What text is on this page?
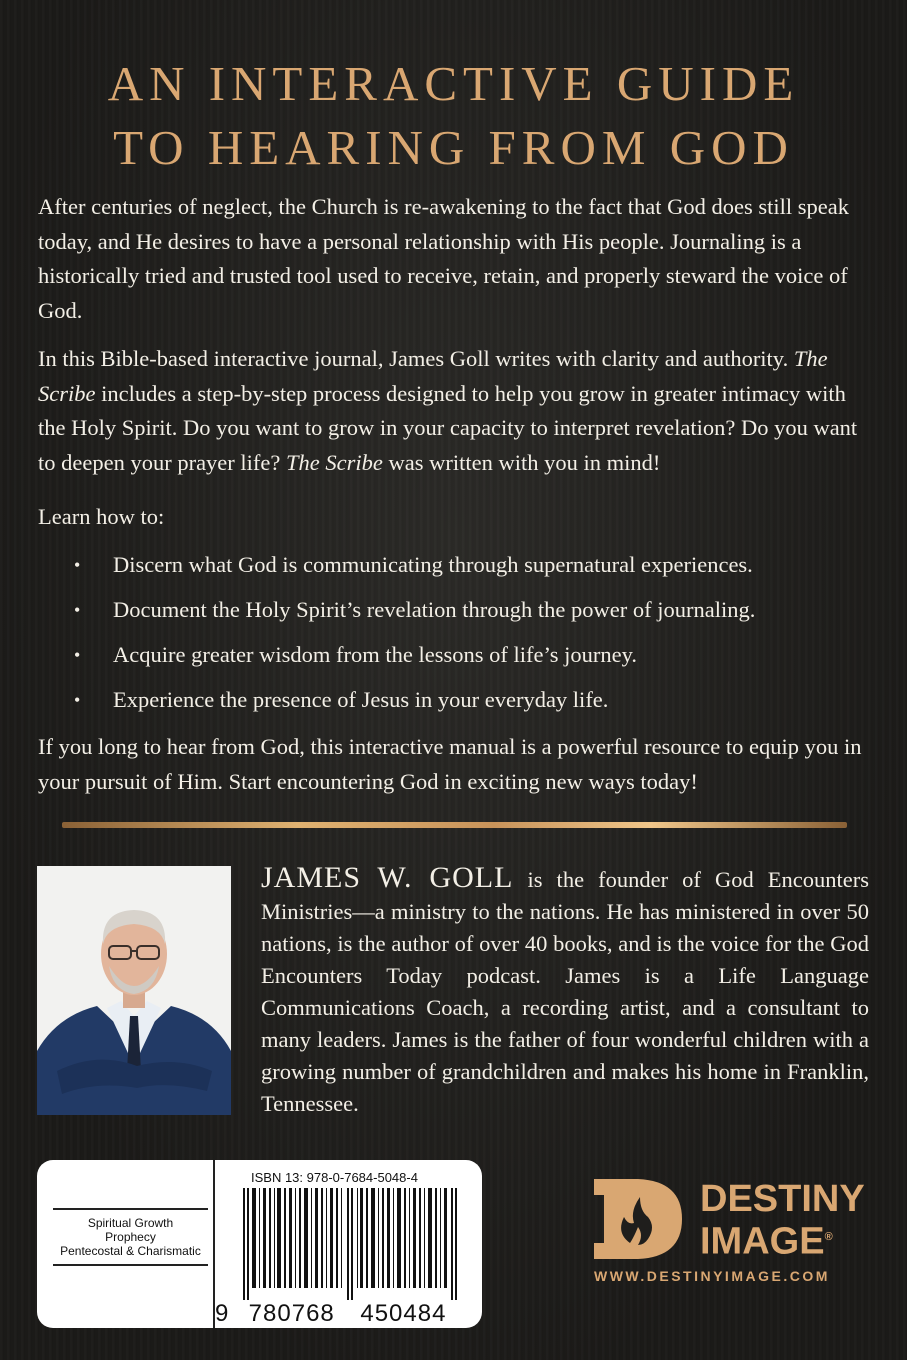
AN INTERACTIVE GUIDE
TO HEARING FROM GOD
After centuries of neglect, the Church is re-awakening to the fact that God does still speak today, and He desires to have a personal relationship with His people. Journaling is a historically tried and trusted tool used to receive, retain, and properly steward the voice of God.
In this Bible-based interactive journal, James Goll writes with clarity and authority. The Scribe includes a step-by-step process designed to help you grow in greater intimacy with the Holy Spirit. Do you want to grow in your capacity to interpret revelation? Do you want to deepen your prayer life? The Scribe was written with you in mind!
Learn how to:
•	Discern what God is communicating through supernatural experiences.
•	Document the Holy Spirit’s revelation through the power of journaling.
•	Acquire greater wisdom from the lessons of life’s journey.
•	Experience the presence of Jesus in your everyday life.
If you long to hear from God, this interactive manual is a powerful resource to equip you in your pursuit of Him. Start encountering God in exciting new ways today!
JAMES W. GOLL is the founder of God Encounters Ministries—a ministry to the nations. He has ministered in over 50 nations, is the author of over 40 books, and is the voice for the God Encounters Today podcast. James is a Life Language Communications Coach, a recording artist, and a consultant to many leaders. James is the father of four wonderful children with a growing number of grandchildren and makes his home in Franklin, Tennessee.
Spiritual Growth
Prophecy
Pentecostal & Charismatic
ISBN 13: 978-0-7684-5048-4
9 780768 450484
DESTINY
IMAGE®
WWW.DESTINYIMAGE.COM
